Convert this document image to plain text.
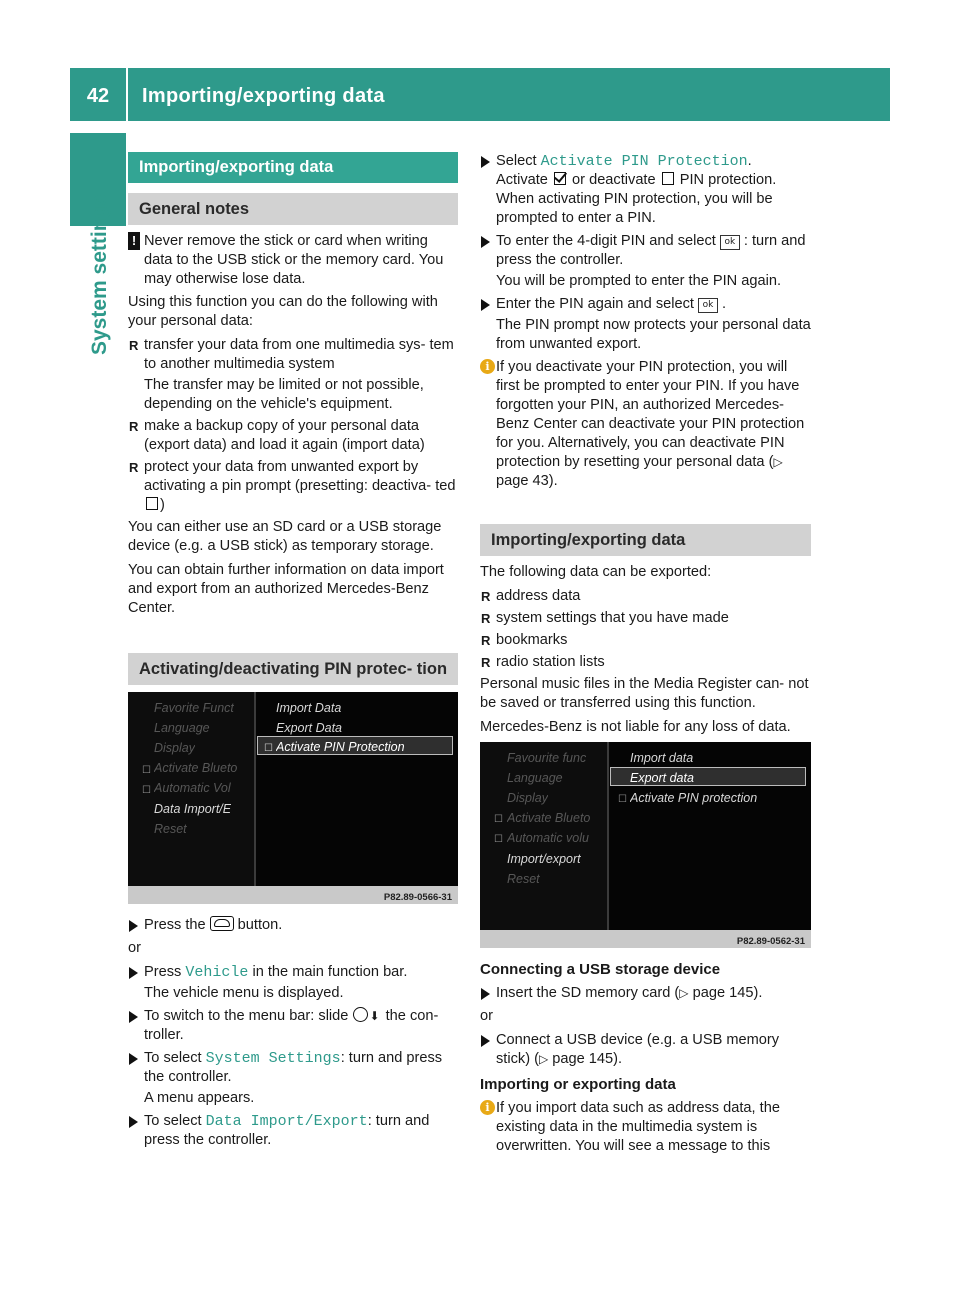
42	Importing/exporting data
System settings
Importing/exporting data
General notes
! Never remove the stick or card when writing data to the USB stick or the memory card. You may otherwise lose data.

Using this function you can do the following with your personal data:

R transfer your data from one multimedia sys- tem to another multimedia system
The transfer may be limited or not possible, depending on the vehicle's equipment.
R make a backup copy of your personal data (export data) and load it again (import data)
R protect your data from unwanted export by activating a pin prompt (presetting: deactiva- ted )

You can either use an SD card or a USB storage device (e.g. a USB stick) as temporary storage.

You can obtain further information on data import and export from an authorized Mercedes-Benz Center.

Activating/deactivating PIN protec- tion
Favorite Funct
Language
Display
☐ Activate Blueto
☐ Automatic Vol
Data Import/E
Reset
Import Data
Export Data
☐ Activate PIN Protection
P82.89-0566-31
Press the button.

or

Press Vehicle in the main function bar.
The vehicle menu is displayed.
To switch to the menu bar: slide ⬇ the con- troller.
To select System Settings: turn and press the controller.
A menu appears.
To select Data Import/Export: turn and press the controller.
Select Activate PIN Protection.
Activate or deactivate PIN protection. When activating PIN protection, you will be prompted to enter a PIN.
To enter the 4-digit PIN and select ok : turn and press the controller.
You will be prompted to enter the PIN again.
Enter the PIN again and select ok .
The PIN prompt now protects your personal data from unwanted export.
i If you deactivate your PIN protection, you will first be prompted to enter your PIN. If you have forgotten your PIN, an authorized Mercedes-Benz Center can deactivate your PIN protection for you. Alternatively, you can deactivate PIN protection by resetting your personal data (▷ page 43).
Importing/exporting data

The following data can be exported:

R address data
R system settings that you have made
R bookmarks
R radio station lists

Personal music files in the Media Register can- not be saved or transferred using this function.

Mercedes-Benz is not liable for any loss of data.

Favourite func
Language
Display
☐ Activate Blueto
☐ Automatic volu
Import/export
Reset
Import data
Export data
☐ Activate PIN protection
P82.89-0562-31
Connecting a USB storage device
Insert the SD memory card (▷ page 145).

or

Connect a USB device (e.g. a USB memory stick) (▷ page 145).
Importing or exporting data
i If you import data such as address data, the existing data in the multimedia system is overwritten. You will see a message to this
